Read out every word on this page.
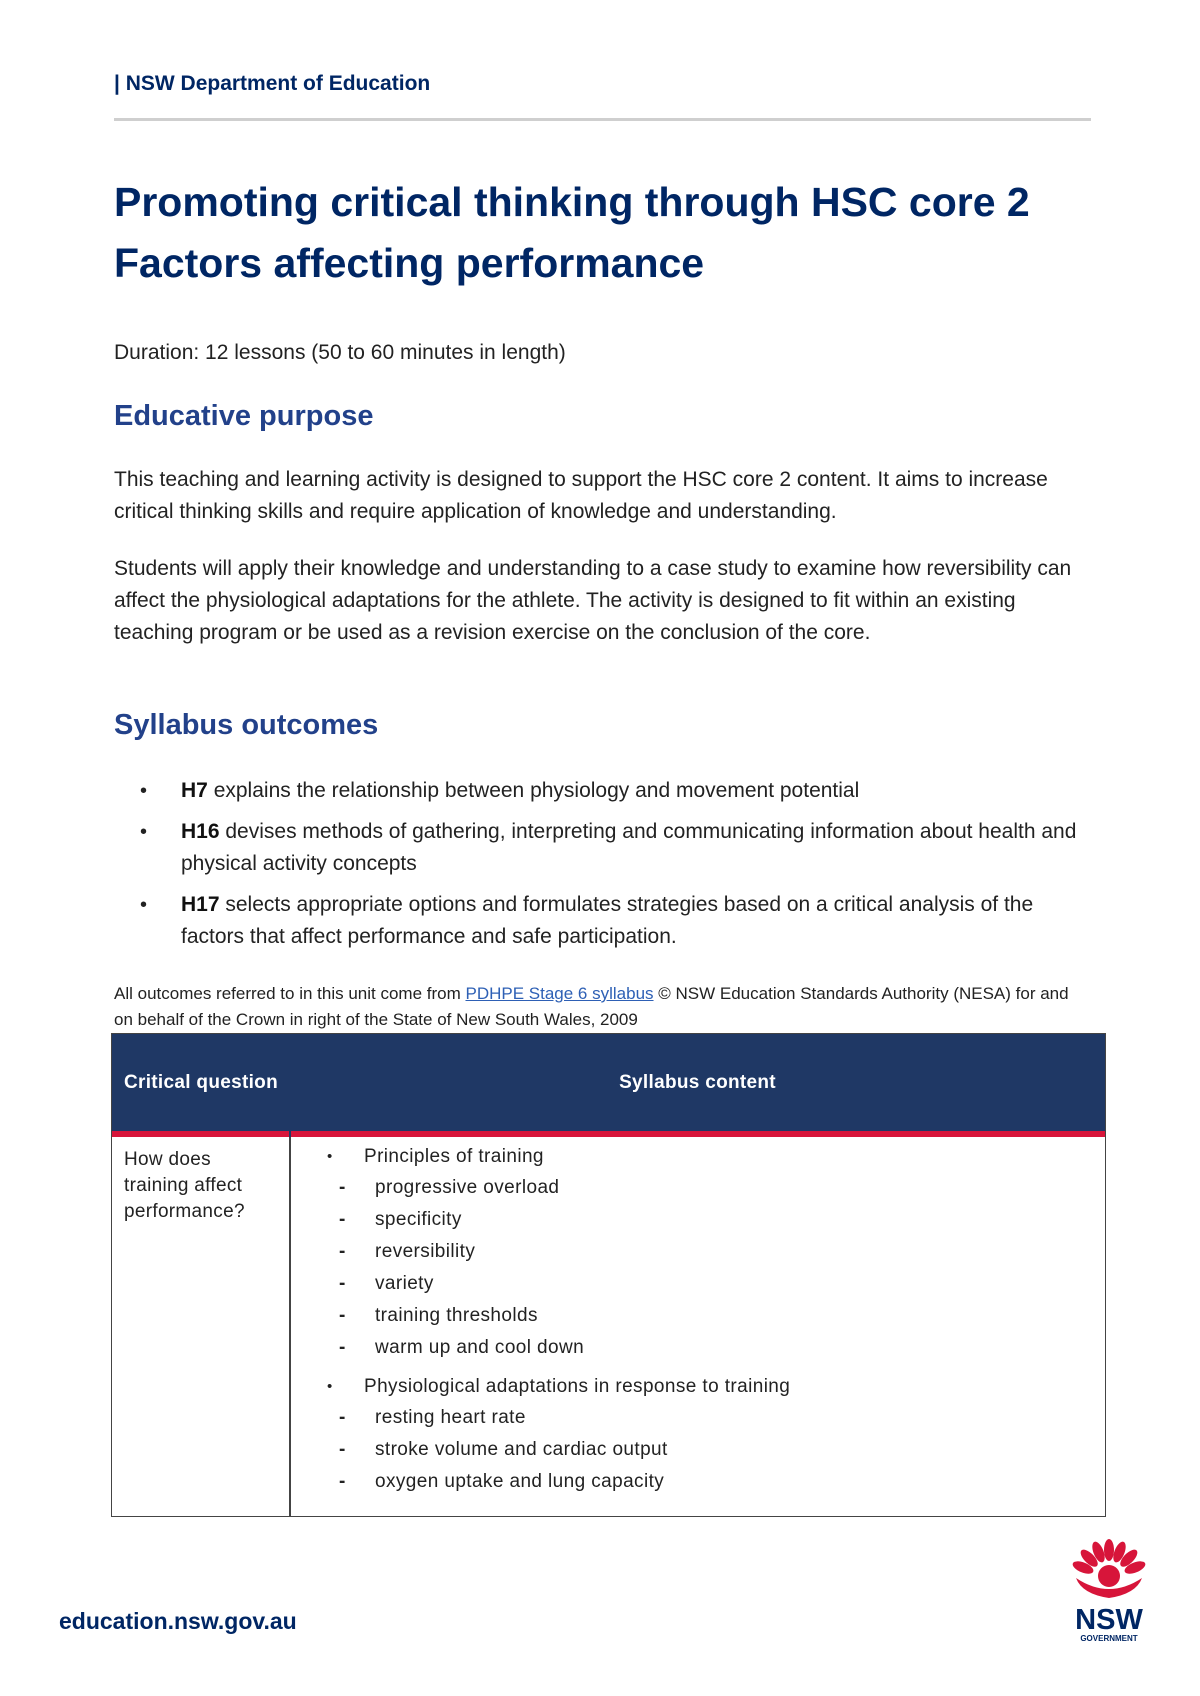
| NSW Department of Education
Promoting critical thinking through HSC core 2 Factors affecting performance
Duration: 12 lessons (50 to 60 minutes in length)
Educative purpose

This teaching and learning activity is designed to support the HSC core 2 content. It aims to increase critical thinking skills and require application of knowledge and understanding.

Students will apply their knowledge and understanding to a case study to examine how reversibility can affect the physiological adaptations for the athlete. The activity is designed to fit within an existing teaching program or be used as a revision exercise on the conclusion of the core.

Syllabus outcomes
• H7 explains the relationship between physiology and movement potential
• H16 devises methods of gathering, interpreting and communicating information about health and physical activity concepts
• H17 selects appropriate options and formulates strategies based on a critical analysis of the factors that affect performance and safe participation.

All outcomes referred to in this unit come from PDHPE Stage 6 syllabus © NSW Education Standards Authority (NESA) for and on behalf of the Crown in right of the State of New South Wales, 2009

Critical question	Syllabus content
How does training affect performance?
• Principles of training
- progressive overload
- specificity
- reversibility
- variety
- training thresholds
- warm up and cool down
• Physiological adaptations in response to training
- resting heart rate
- stroke volume and cardiac output
- oxygen uptake and lung capacity
education.nsw.gov.au	NSW
GOVERNMENT
